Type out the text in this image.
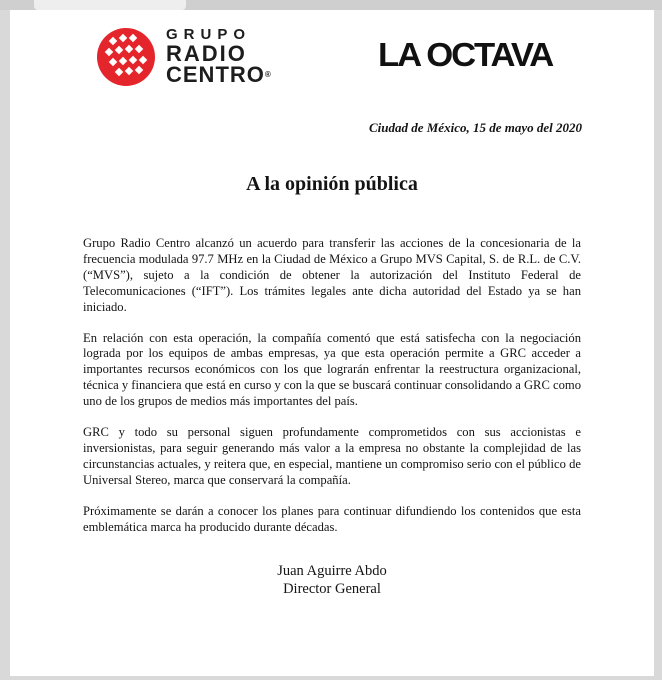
GRUPO
RADIO
CENTRO®
LA OCTAVA
Ciudad de México, 15 de mayo del 2020
A la opinión pública

Grupo Radio Centro alcanzó un acuerdo para transferir las acciones de la concesionaria de la frecuencia modulada 97.7 MHz en la Ciudad de México a Grupo MVS Capital, S. de R.L. de C.V. (“MVS”), sujeto a la condición de obtener la autorización del Instituto Federal de Telecomunicaciones (“IFT”). Los trámites legales ante dicha autoridad del Estado ya se han iniciado.

En relación con esta operación, la compañía comentó que está satisfecha con la negociación lograda por los equipos de ambas empresas, ya que esta operación permite a GRC acceder a importantes recursos económicos con los que lograrán enfrentar la reestructura organizacional, técnica y financiera que está en curso y con la que se buscará continuar consolidando a GRC como uno de los grupos de medios más importantes del país.

GRC y todo su personal siguen profundamente comprometidos con sus accionistas e inversionistas, para seguir generando más valor a la empresa no obstante la complejidad de las circunstancias actuales, y reitera que, en especial, mantiene un compromiso serio con el público de Universal Stereo, marca que conservará la compañía.

Próximamente se darán a conocer los planes para continuar difundiendo los contenidos que esta emblemática marca ha producido durante décadas.

Juan Aguirre Abdo
Director General
